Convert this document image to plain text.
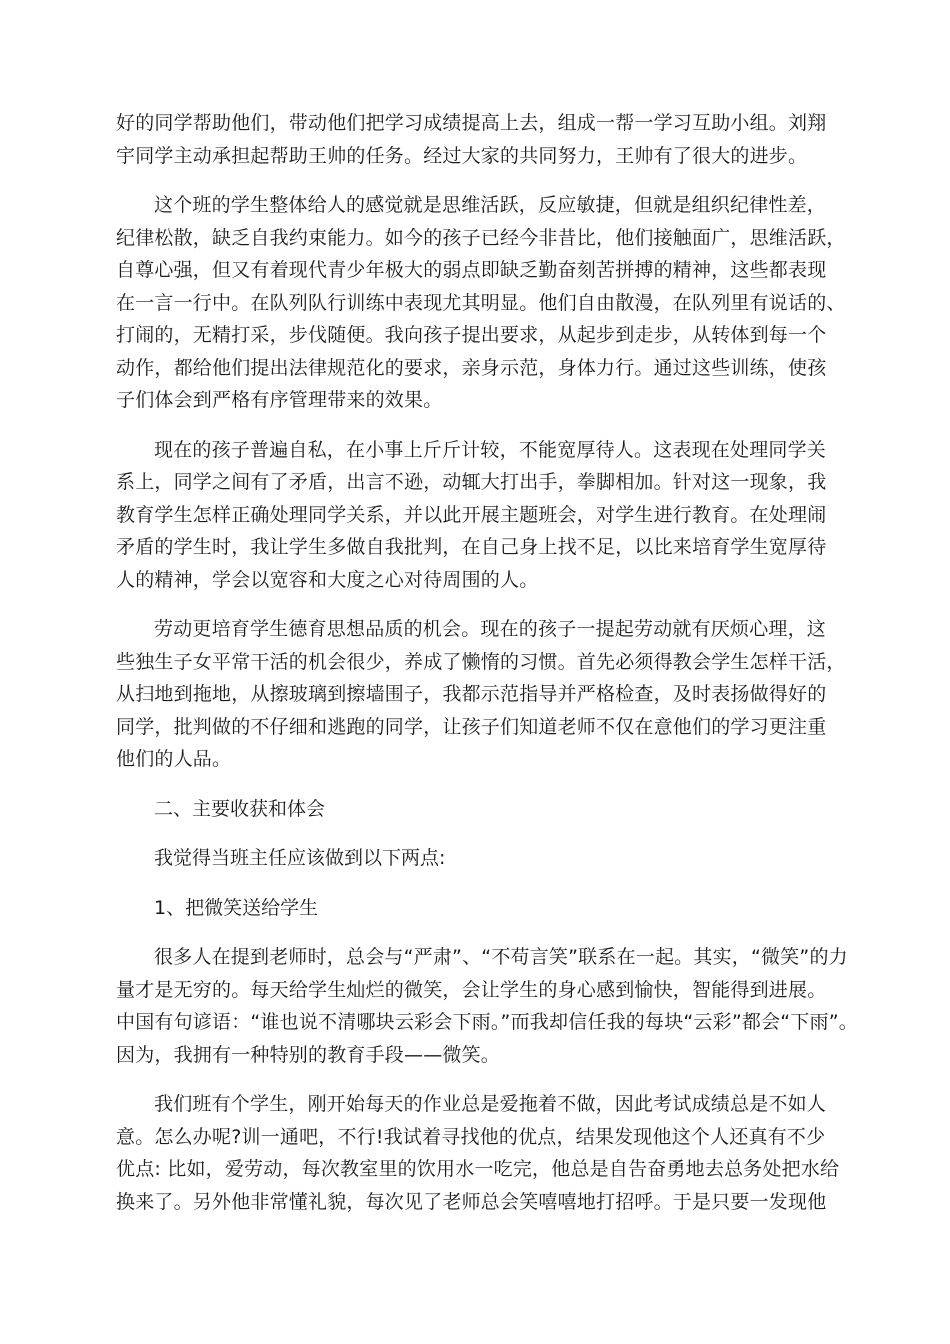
好的同学帮助他们，带动他们把学习成绩提高上去，组成一帮一学习互助小组。刘翔
宇同学主动承担起帮助王帅的任务。经过大家的共同努力，王帅有了很大的进步。
这个班的学生整体给人的感觉就是思维活跃，反应敏捷，但就是组织纪律性差，
纪律松散，缺乏自我约束能力。如今的孩子已经今非昔比，他们接触面广，思维活跃，
自尊心强，但又有着现代青少年极大的弱点即缺乏勤奋刻苦拼搏的精神，这些都表现
在一言一行中。在队列队行训练中表现尤其明显。他们自由散漫，在队列里有说话的、
打闹的，无精打采，步伐随便。我向孩子提出要求，从起步到走步，从转体到每一个
动作，都给他们提出法律规范化的要求，亲身示范，身体力行。通过这些训练，使孩
子们体会到严格有序管理带来的效果。
现在的孩子普遍自私，在小事上斤斤计较，不能宽厚待人。这表现在处理同学关
系上，同学之间有了矛盾，出言不逊，动辄大打出手，拳脚相加。针对这一现象，我
教育学生怎样正确处理同学关系，并以此开展主题班会，对学生进行教育。在处理闹
矛盾的学生时，我让学生多做自我批判，在自己身上找不足，以比来培育学生宽厚待
人的精神，学会以宽容和大度之心对待周围的人。
劳动更培育学生德育思想品质的机会。现在的孩子一提起劳动就有厌烦心理，这
些独生子女平常干活的机会很少，养成了懒惰的习惯。首先必须得教会学生怎样干活，
从扫地到拖地，从擦玻璃到擦墙围子，我都示范指导并严格检查，及时表扬做得好的
同学，批判做的不仔细和逃跑的同学，让孩子们知道老师不仅在意他们的学习更注重
他们的人品。
二、主要收获和体会
我觉得当班主任应该做到以下两点:
1、把微笑送给学生
很多人在提到老师时，总会与“严肃”、“不苟言笑”联系在一起。其实，“微笑”的力
量才是无穷的。每天给学生灿烂的微笑，会让学生的身心感到愉快，智能得到进展。
中国有句谚语：“谁也说不清哪块云彩会下雨。”而我却信任我的每块“云彩”都会“下雨”。
因为，我拥有一种特别的教育手段——微笑。
我们班有个学生，刚开始每天的作业总是爱拖着不做，因此考试成绩总是不如人
意。怎么办呢?训一通吧，不行!我试着寻找他的优点，结果发现他这个人还真有不少
优点: 比如，爱劳动，每次教室里的饮用水一吃完，他总是自告奋勇地去总务处把水给
换来了。另外他非常懂礼貌，每次见了老师总会笑嘻嘻地打招呼。于是只要一发现他
